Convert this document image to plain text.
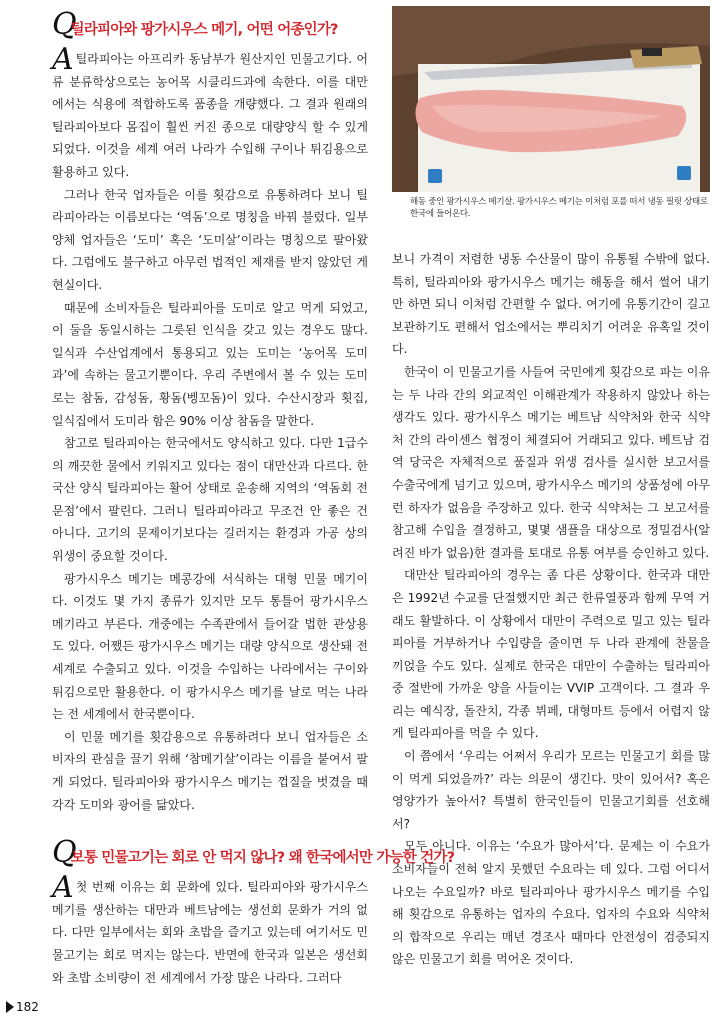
해동 중인 팡가시우스 메기살. 팡가시우스 메기는 이처럼 포를 떠서 냉동 필릿 상태로 한국에 들어온다.
Q
틸라피아와 팡가시우스 메기, 어떤 어종인가?

A 틸라피아는 아프리카 동남부가 원산지인 민물고기다. 어류 분류학상으로는 농어목 시클리드과에 속한다. 이를 대만에서는 식용에 적합하도록 품종을 개량했다. 그 결과 원래의 틸라피아보다 몸집이 훨씬 커진 종으로 대량양식 할 수 있게 되었다. 이것을 세계 여러 나라가 수입해 구이나 튀김용으로 활용하고 있다.

그러나 한국 업자들은 이를 횟감으로 유통하려다 보니 틸라피아라는 이름보다는 ‘역돔’으로 명칭을 바꿔 불렀다. 일부 양체 업자들은 ‘도미’ 혹은 ‘도미살’이라는 명칭으로 팔아왔다. 그럼에도 불구하고 아무런 법적인 제재를 받지 않았던 게 현실이다.

때문에 소비자들은 틸라피아를 도미로 알고 먹게 되었고, 이 둘을 동일시하는 그릇된 인식을 갖고 있는 경우도 많다. 일식과 수산업계에서 통용되고 있는 도미는 ‘농어목 도미과’에 속하는 물고기뿐이다. 우리 주변에서 볼 수 있는 도미로는 참돔, 감성돔, 황돔(벵꼬돔)이 있다. 수산시장과 횟집, 일식집에서 도미라 함은 90% 이상 참돔을 말한다.

참고로 틸라피아는 한국에서도 양식하고 있다. 다만 1급수의 깨끗한 물에서 키워지고 있다는 점이 대만산과 다르다. 한국산 양식 틸라피아는 활어 상태로 운송해 지역의 ‘역돔회 전문점’에서 팔린다. 그러니 틸라피아라고 무조건 안 좋은 건 아니다. 고기의 문제이기보다는 길러지는 환경과 가공 상의 위생이 중요할 것이다.

팡가시우스 메기는 메콩강에 서식하는 대형 민물 메기이다. 이것도 몇 가지 종류가 있지만 모두 통틀어 팡가시우스 메기라고 부른다. 개중에는 수족관에서 들어갈 법한 관상용도 있다. 어쨌든 팡가시우스 메기는 대량 양식으로 생산돼 전 세계로 수출되고 있다. 이것을 수입하는 나라에서는 구이와 튀김으로만 활용한다. 이 팡가시우스 메기를 날로 먹는 나라는 전 세계에서 한국뿐이다.

이 민물 메기를 횟감용으로 유통하려다 보니 업자들은 소비자의 관심을 끌기 위해 ‘참메기살’이라는 이름을 붙여서 팔게 되었다. 틸라피아와 팡가시우스 메기는 껍질을 벗겼을 때 각각 도미와 광어를 닮았다.

Q
보통 민물고기는 회로 안 먹지 않나? 왜 한국에서만 가능한 건가?

A 첫 번째 이유는 회 문화에 있다. 틸라피아와 팡가시우스 메기를 생산하는 대만과 베트남에는 생선회 문화가 거의 없다. 다만 일부에서는 회와 초밥을 즐기고 있는데 여기서도 민물고기는 회로 먹지는 않는다. 반면에 한국과 일본은 생선회와 초밥 소비량이 전 세계에서 가장 많은 나라다. 그러다

보니 가격이 저렴한 냉동 수산물이 많이 유통될 수밖에 없다. 특히, 틸라피아와 팡가시우스 메기는 해동을 해서 썰어 내기만 하면 되니 이처럼 간편할 수 없다. 여기에 유통기간이 길고 보관하기도 편해서 업소에서는 뿌리치기 어려운 유혹일 것이다.

한국이 이 민물고기를 사들여 국민에게 횟감으로 파는 이유는 두 나라 간의 외교적인 이해관계가 작용하지 않았나 하는 생각도 있다. 팡가시우스 메기는 베트남 식약처와 한국 식약처 간의 라이센스 협정이 체결되어 거래되고 있다. 베트남 검역 당국은 자체적으로 품질과 위생 검사를 실시한 보고서를 수출국에게 넘기고 있으며, 팡가시우스 메기의 상품성에 아무런 하자가 없음을 주장하고 있다. 한국 식약처는 그 보고서를 참고해 수입을 결정하고, 몇몇 샘플을 대상으로 정밀검사(알려진 바가 없음)한 결과를 토대로 유통 여부를 승인하고 있다.

대만산 틸라피아의 경우는 좀 다른 상황이다. 한국과 대만은 1992년 수교를 단절했지만 최근 한류열풍과 함께 무역 거래도 활발하다. 이 상황에서 대만이 주력으로 밀고 있는 틸라피아를 거부하거나 수입량을 줄이면 두 나라 관계에 찬물을 끼얹을 수도 있다. 실제로 한국은 대만이 수출하는 틸라피아 중 절반에 가까운 양을 사들이는 VVIP 고객이다. 그 결과 우리는 예식장, 돌잔치, 각종 뷔페, 대형마트 등에서 어렵지 않게 틸라피아를 먹을 수 있다.

이 쯤에서 ‘우리는 어쩌서 우리가 모르는 민물고기 회를 많이 먹게 되었을까?’ 라는 의문이 생긴다. 맛이 있어서? 혹은 영양가가 높아서? 특별히 한국인들이 민물고기회를 선호해서?

모두 아니다. 이유는 ‘수요가 많아서’다. 문제는 이 수요가 소비자들이 전혀 알지 못했던 수요라는 데 있다. 그럼 어디서 나오는 수요일까? 바로 틸라피아나 팡가시우스 메기를 수입해 횟감으로 유통하는 업자의 수요다. 업자의 수요와 식약처의 합작으로 우리는 매년 경조사 때마다 안전성이 검증되지 않은 민물고기 회를 먹어온 것이다.

182
